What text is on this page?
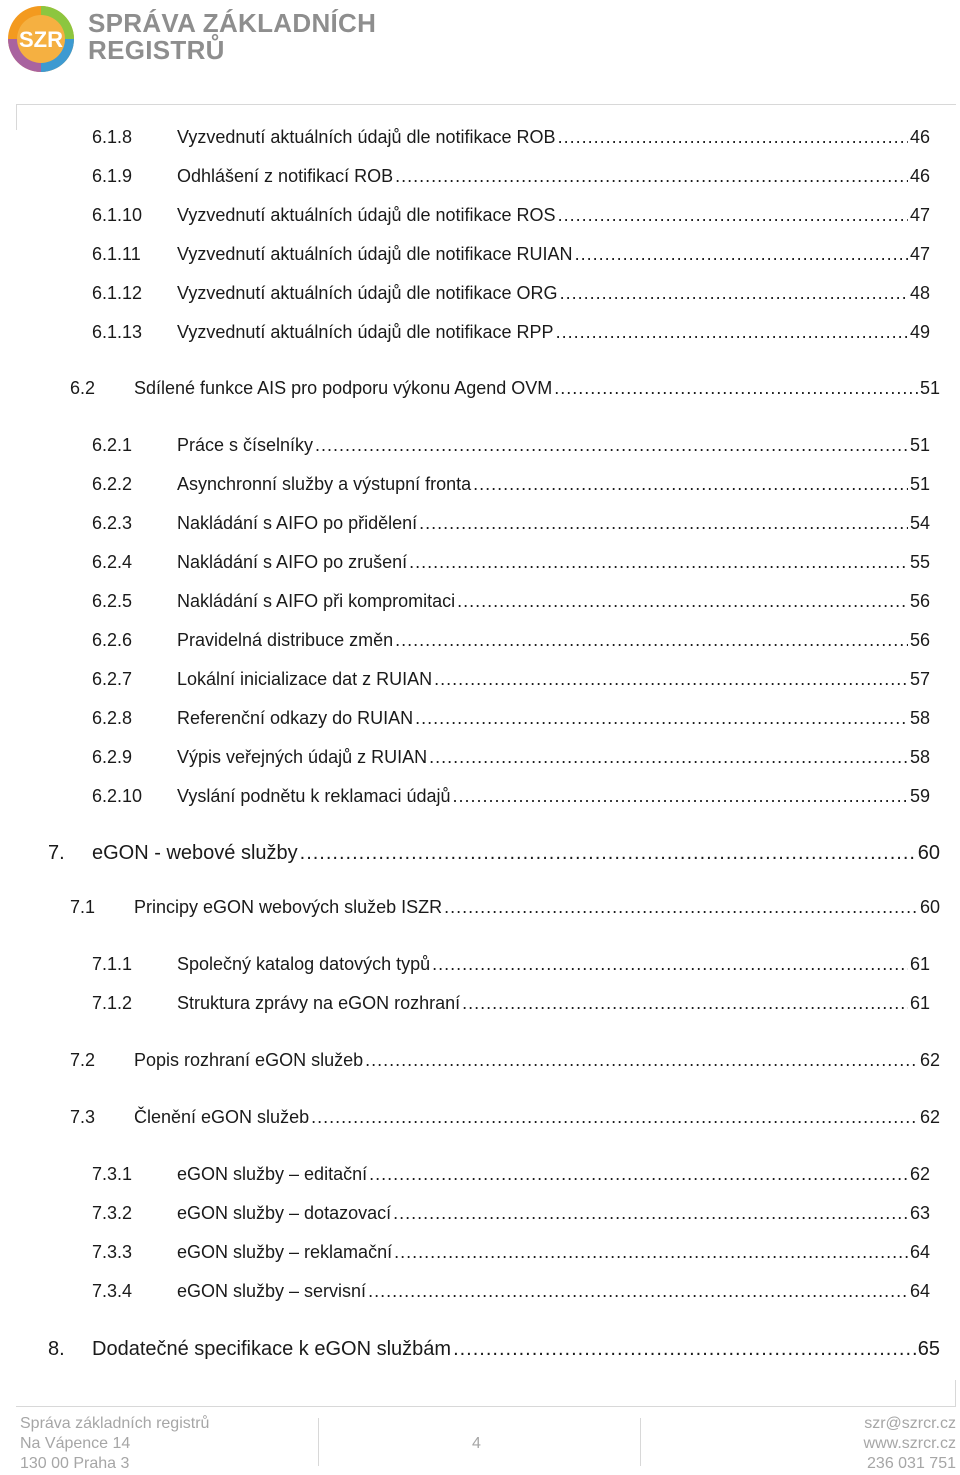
SZR
SPRÁVA ZÁKLADNÍCH
REGISTRŮ
6.1.8	Vyzvednutí aktuálních údajů dle notifikace ROB .....	46
6.1.9	Odhlášení z notifikací ROB .....	46
6.1.10	Vyzvednutí aktuálních údajů dle notifikace ROS .....	47
6.1.11	Vyzvednutí aktuálních údajů dle notifikace RUIAN .....	47
6.1.12	Vyzvednutí aktuálních údajů dle notifikace ORG .....	48
6.1.13	Vyzvednutí aktuálních údajů dle notifikace RPP .....	49
6.2	Sdílené funkce AIS pro podporu výkonu Agend OVM .....	51
6.2.1	Práce s číselníky .....	51
6.2.2	Asynchronní služby a výstupní fronta .....	51
6.2.3	Nakládání s AIFO po přidělení .....	54
6.2.4	Nakládání s AIFO po zrušení .....	55
6.2.5	Nakládání s AIFO při kompromitaci .....	56
6.2.6	Pravidelná distribuce změn .....	56
6.2.7	Lokální inicializace dat z RUIAN .....	57
6.2.8	Referenční odkazy do RUIAN .....	58
6.2.9	Výpis veřejných údajů z RUIAN .....	58
6.2.10	Vyslání podnětu k reklamaci údajů .....	59
7.	eGON - webové služby .....	60
7.1	Principy eGON webových služeb ISZR .....	60
7.1.1	Společný katalog datových typů .....	61
7.1.2	Struktura zprávy na eGON rozhraní .....	61
7.2	Popis rozhraní eGON služeb .....	62
7.3	Členění eGON služeb .....	62
7.3.1	eGON služby – editační .....	62
7.3.2	eGON služby – dotazovací .....	63
7.3.3	eGON služby – reklamační .....	64
7.3.4	eGON služby – servisní .....	64
8.	Dodatečné specifikace k eGON službám .....	65
Správa základních registrů
Na Vápence 14
130 00 Praha 3
4
szr@szrcr.cz
www.szrcr.cz
236 031 751
